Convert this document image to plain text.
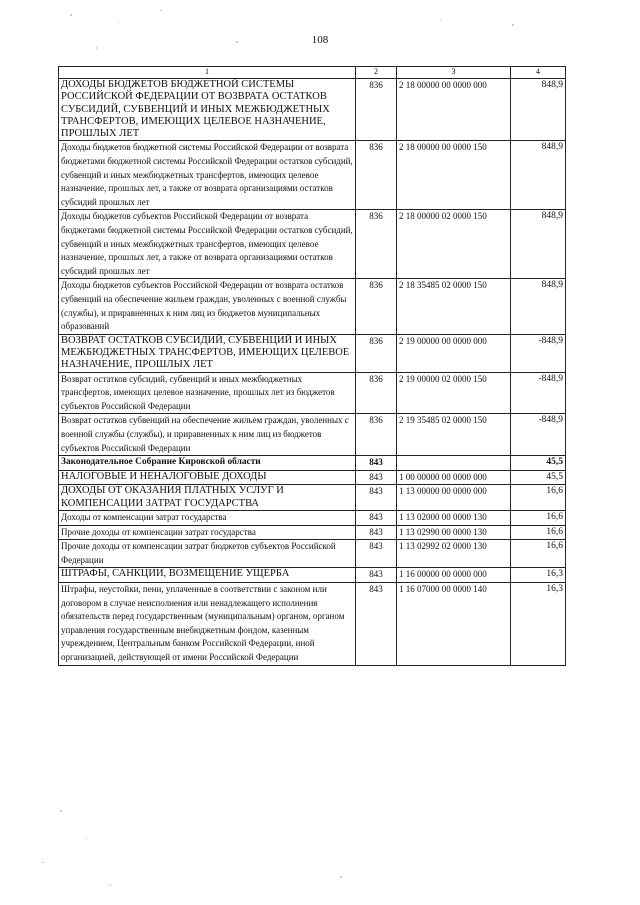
108
1	2	3	4
ДОХОДЫ БЮДЖЕТОВ БЮДЖЕТНОЙ СИСТЕМЫ РОССИЙСКОЙ ФЕДЕРАЦИИ ОТ ВОЗВРАТА ОСТАТКОВ СУБСИДИЙ, СУБВЕНЦИЙ И ИНЫХ МЕЖБЮДЖЕТНЫХ ТРАНСФЕРТОВ, ИМЕЮЩИХ ЦЕЛЕВОЕ НАЗНАЧЕНИЕ, ПРОШЛЫХ ЛЕТ	836	2 18 00000 00 0000 000	848,9
Доходы бюджетов бюджетной системы Российской Федерации от возврата бюджетами бюджетной системы Российской Федерации остатков субсидий, субвенций и иных межбюджетных трансфертов, имеющих целевое назначение, прошлых лет, а также от возврата организациями остатков субсидий прошлых лет	836	2 18 00000 00 0000 150	848,9
Доходы бюджетов субъектов Российской Федерации от возврата бюджетами бюджетной системы Российской Федерации остатков субсидий, субвенций и иных межбюджетных трансфертов, имеющих целевое назначение, прошлых лет, а также от возврата организациями остатков субсидий прошлых лет	836	2 18 00000 02 0000 150	848,9
Доходы бюджетов субъектов Российской Федерации от возврата остатков субвенций на обеспечение жильем граждан, уволенных с военной службы (службы), и приравненных к ним лиц из бюджетов муниципальных образований	836	2 18 35485 02 0000 150	848,9
ВОЗВРАТ ОСТАТКОВ СУБСИДИЙ, СУБВЕНЦИЙ И ИНЫХ МЕЖБЮДЖЕТНЫХ ТРАНСФЕРТОВ, ИМЕЮЩИХ ЦЕЛЕВОЕ НАЗНАЧЕНИЕ, ПРОШЛЫХ ЛЕТ	836	2 19 00000 00 0000 000	-848,9
Возврат остатков субсидий, субвенций и иных межбюджетных трансфертов, имеющих целевое назначение, прошлых лет из бюджетов субъектов Российской Федерации	836	2 19 00000 02 0000 150	-848,9
Возврат остатков субвенций на обеспечение жильем граждан, уволенных с военной службы (службы), и приравненных к ним лиц из бюджетов субъектов Российской Федерации	836	2 19 35485 02 0000 150	-848,9
Законодательное Собрание Кировской области	843		45,5
НАЛОГОВЫЕ И НЕНАЛОГОВЫЕ ДОХОДЫ	843	1 00 00000 00 0000 000	45,5
ДОХОДЫ ОТ ОКАЗАНИЯ ПЛАТНЫХ УСЛУГ И КОМПЕНСАЦИИ ЗАТРАТ ГОСУДАРСТВА	843	1 13 00000 00 0000 000	16,6
Доходы от компенсации затрат государства	843	1 13 02000 00 0000 130	16,6
Прочие доходы от компенсации затрат государства	843	1 13 02990 00 0000 130	16,6
Прочие доходы от компенсации затрат бюджетов субъектов Российской Федерации	843	1 13 02992 02 0000 130	16,6
ШТРАФЫ, САНКЦИИ, ВОЗМЕЩЕНИЕ УЩЕРБА	843	1 16 00000 00 0000 000	16,3
Штрафы, неустойки, пени, уплаченные в соответствии с законом или договором в случае неисполнения или ненадлежащего исполнения обязательств перед государственным (муниципальным) органом, органом управления государственным внебюджетным фондом, казенным учреждением, Центральным банком Российской Федерации, иной организацией, действующей от имени Российской Федерации	843	1 16 07000 00 0000 140	16,3
